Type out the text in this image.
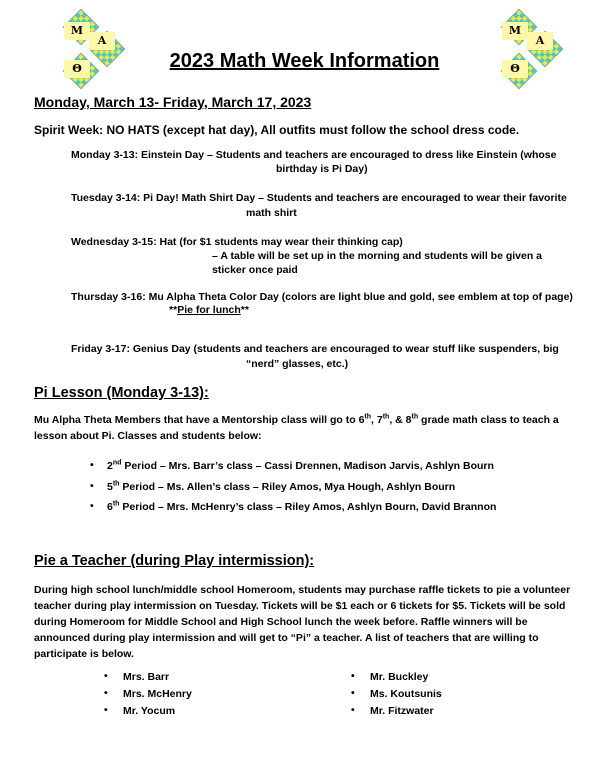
M
A
Θ
M
A
Θ
2023 Math Week Information
Monday, March 13- Friday, March 17, 2023
Spirit Week: NO HATS (except hat day), All outfits must follow the school dress code.
Monday 3-13: Einstein Day – Students and teachers are encouraged to dress like Einstein (whose
birthday is Pi Day)
Tuesday 3-14: Pi Day! Math Shirt Day – Students and teachers are encouraged to wear their favorite
math shirt
Wednesday 3-15: Hat (for $1 students may wear their thinking cap)
– A table will be set up in the morning and students will be given a
sticker once paid
Thursday 3-16: Mu Alpha Theta Color Day (colors are light blue and gold, see emblem at top of page)
**Pie for lunch**
Friday 3-17: Genius Day (students and teachers are encouraged to wear stuff like suspenders, big
“nerd” glasses, etc.)
Pi Lesson (Monday 3-13):
Mu Alpha Theta Members that have a Mentorship class will go to 6th, 7th, & 8th grade math class to teach a
lesson about Pi. Classes and students below:
• 2nd Period – Mrs. Barr’s class – Cassi Drennen, Madison Jarvis, Ashlyn Bourn
• 5th Period – Ms. Allen’s class – Riley Amos, Mya Hough, Ashlyn Bourn
• 6th Period – Mrs. McHenry’s class – Riley Amos, Ashlyn Bourn, David Brannon
Pie a Teacher (during Play intermission):
During high school lunch/middle school Homeroom, students may purchase raffle tickets to pie a volunteer
teacher during play intermission on Tuesday. Tickets will be $1 each or 6 tickets for $5. Tickets will be sold
during Homeroom for Middle School and High School lunch the week before. Raffle winners will be
announced during play intermission and will get to “Pi” a teacher. A list of teachers that are willing to
participate is below.
• Mrs. Barr
• Mrs. McHenry
• Mr. Yocum
• Mr. Buckley
• Ms. Koutsunis
• Mr. Fitzwater
